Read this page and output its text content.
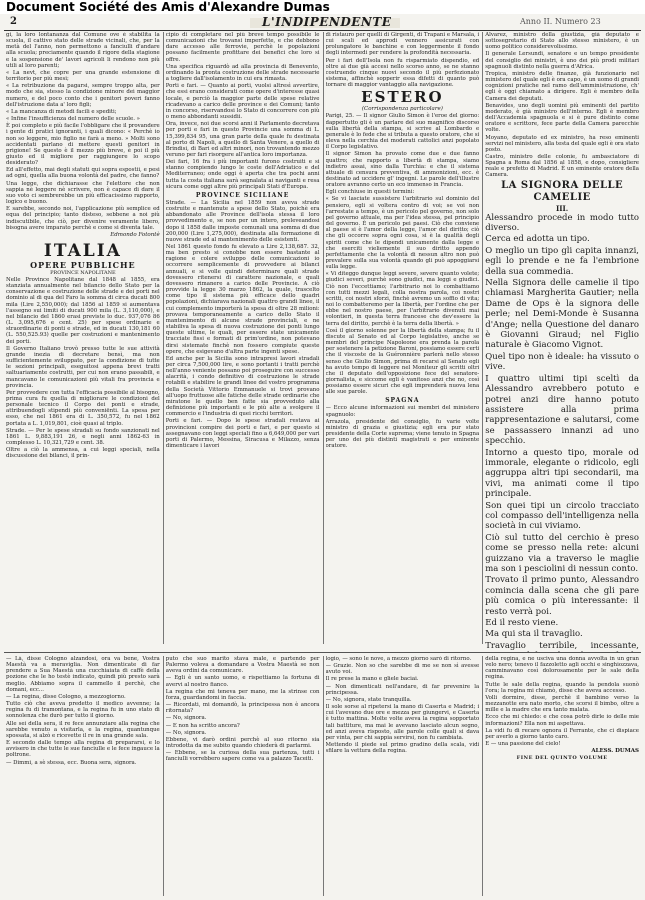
Document Société des Amis d'Alexandre Dumas
2	L'INDIPENDENTE	Anno II. Numero 23

gi, la loro lontananza dal Comune ove è stabilita la scuola, il cattivo stato delle strade vicinali, che, per la metà del l'anno, non permettono a fanciulli d'andare alla scuola; preciamente quando il rigore della stagione e la sospensione de' lavori agricoli li rendono non più utili al loro parenti;

« La nevt, che copre per una grande estensione di territorio per più mesi;

« La retribuzione da pagarsi, sempre troppo alta, per modo che sia, stesso la condizione minore dei maggior numero, e del poco conto che i genitori poveri fanno dell'istruzione data a' loro figli;

« La mancanza di metodi facili e spediti;

« Infine l'insufficienza del numero delle scuole. »

È poi completo e più facile l'obbligare che il provandere i gente di pratici ignoranti, i quali dicono: « Perchè io non so leggere, mio figlio ne farà a meno. » Molti sono accidentati parlano di mettere questi genitori in prigione! Se questo è il mezzo più breve, è poi il più giusto ed il migliore per raggiungere lo scopo desiderato?

Ed all'effetto, mai degli statuti qui sopra espostii, e pesi ad ogni, quella alla buona volontà del padre, che fanno?

Una legge, che dichiarasse che l'elettore che non sappia nè leggere nè scrivere, non è capace di dare il suo voto ci sembrerebbe un più efficacissimo rapporto, logico e buono.

E sarebbe, secondo noi, l'applicazione più semplice ed equa del principio; tanto disteso, sebbene a noi più indiscutibile, che ciò, per divenire veramente libero, bisogna avere imparato perchè e come si diventa tale.

Edmondo Fotontè

ITALIA
OPERE PUBBLICHE
PROVINCE NAPOLITANE

Nelle Province Napolitane dal 1848 al 1855, era stanziata annualmente nel bilancio dello Stato per la conservazione e costruzione delle strade e dei porti nel dominio al di qua del Faro la somma di circa ducati 800 mila (Lire 2,550,000); dal 1856 al 1859 si aumentava l'assegno sui limiti di ducati 900 mila (L. 3,110,000), e nel bilancio del 1860 erasi previste lo duc. 937,076 86 (L. 3,095,676 e cent. 25) per spese ordinarie e straordinarie di ponti e strade, ed in ducati 130,181 60 (L. 550,525.93) quelle per costruzioni e mantenimento dei porti.

Il Governo Italiano trovò presso tutte le sue attività grande inezia di decretare bensì, ma non sufficientemente sviluppato, per la condizione di tutte le sezioni principali, eseguitosi appena brevi tratti saltuariamente costrutti, per cui non erano passabili, e mancavano le comunicazioni più vitali fra provincia e provincia.

Per provvedere con tutta l'efficacia possibile al bisogno, prima cura fu quella di migliorare le condizioni del personale tecnico il Corpo dei ponti e strade, attribuendogli stipendi più conveniënti. La spesa per esso, che nel 1861 era di L. 350,572, fu nel 1862 portata a L. 1,019,801, cioè quasi al triplo.

Strade. — Per le spese stradali su fondo sanzionati nel 1861 L. 9,883,191 26, e negli anni 1862-63 in complesso L. 10,321,729 e cent. 38.

Oltre a ciò la ammensa, a cui leggi speciali, nella discussione dei bilanci, il prin-

cipio di completare nel più breve tempo possibile le comunicazioni che trovansi imperfette, e che debbono dare accesso alle ferrovie, perchè le popolazioni possano facilmente profittare dei benefici che loro si offre.

Una specifica riguardò ad alla provincia di Benevento, ordinando la pronta costruzione delle strade necessarie a togliere dall'isolamento in cui era rimasta.

Porti e fari. — Quanto ai porti, vuolsi altresì avvertire, che essi erano considerati come opere d'interesse quasi locale, e perciò la maggior parte delle spese relative ricadevano a carico delle province e dei Comuni; tanto in concorso, riservandosi lo Stato di concorrere con più o meno abbondanti sussidii.

Ora, invece, noi due scorsi anni il Parlamento decretava per porti e fari in questo Provincie una somma di L. 15,399,834 95, una gran parte della quale fu destinata al porto di Napoli, a quello di Santa Venere, a quello di Brindisi, di Bari ed altri minori, non trovantendo mezzo veruno per fari risorgere all'antica loro importanza.

Dei fari, 16 fra i più importanti furono costruiti e si stanno compiendo lungo le coste dell'Adriatico e del Mediterraneo; onde oggi è aperta che tra pochi anni tutta la costa italiana sarà segnalata ai naviganti e resa sicura come oggi altre più principali Stati d'Europa.

PROVINCE SICILIANE

Strade. — La Sicilia nel 1859 non aveva strade costruite e mantenute a spese dello Stato, poichè era abbandonato alle Province dell'isola stessa il loro provvedimento e, se non per un intero, preleveandosi dopo il 1858 dalle imposte comunali una somma di due 200,000 (Lire 1,275,000), destinata alla formazione di nuove strade ed al mantenimento delle esistenti.

Nel 1861 questo fondo fu elevato a Lire 2,138,687. 32, ma ben presto si conobbe non essere bastante al ragione e colere sviluppo delle comunicazioni io occorrere semplicemente di provvedere ai bilanci annuali, e si volle quindi determinare quali strade dovessero ritenersi di carattere nazionale, e quali dovessero rimanere a carico delle Provincie. A ciò provvide la legge 30 marzo 1862, la quale, trascelto come tipo il sistema più efficace dello quadri popolazioni, dichiarava nazionali quattro grandi linee, il cui complemento importerà la spesa di oltre 28 milioni: provava temporaneamente a carico dello Stato il mantenimento di alcune strade provinciali, e ne stabiliva la spesa di nuova costruzione dei ponti lungo queste ultime, le quali, per essere state unicamente tracciate fissi e formati di prim'ordine, non potevano dirsi sistemate finchè non fossero compiute queste opere, che esigevano d'altra parte ingenti spese.

Ed anche per la Sicilia sono intrapresi lavori stradali per circa 7,500,000 lire, e sono portanti i tratti perchè nell'anno veniente possano poi proseguire con successo alacrità, i condo definitivo di costruzione le strade rotabili e stabilire le grandi linee del vostro programma della Società Vittorio Emmanuele si trovi provano all'uopo fruttuose alle fatiche delle strade ordinarie che miratone le quello ben fatte sia provveduto alla definizione più importanti e le più alte a svolgere il commercio e l'industria di quei ricchi territori.

Porti e fari. — Dopo le spese stradali restava ai provincioni compire dei porti e fari, e per questo si assegnavano con leggi speciali fino a 6,649,000 per vari porti di Palermo, Messina, Siracusa e Milazzo, senza dimenticare i lavori

di ristauro per quelli di Girgenti, di Trapani e Marsala, i cui scali ed approdi vennero assicurati con prolungatore le banchine e con leggermente il fondo degli intermedi per rendere la profondità necessaria.

Per i fari dell'Isola non fu risparmiato dispendio, ed oltre ai due già accesi nello scorso anno, se ne stanno costruendo cinque nuovi secondo il più perfezionato sistema, affinchè sopperir essa difetti di quanto può tornare di maggior vantaggio alla navigazione.

ESTERO
(Corrispondenza particolare)

Parigi, 25. — Il signor Giulio Simon è l'eroe del giorno: dappertutto gli è un parlare del suo magnifico discorso sulla libertà della stampa, si scrive al Lombardo e generale è lo fede che si tributa a questo oratore, che si eleva nella cerchia dei moderati cattolici anzi popolato il Corpo legislativo.

Il signor Simon ha provato come due e due fanno quattro; che rapporto a libertà di stampa, siamo indietro assai, sino dalla Turchia: e che il sistema attuale di censura preventiva, di ammonizioni, ecc. è destinato ad uccidere gl' ingegni. Le parole dell'illustre oratore avranno certo un eco immenso in Francia.

Egli conchiuse in questi termini:

« Se vi lasciate sussistere l'arbitrario sul dominio del pensiero, egli si voltera contro di voi; se voi non l'arrestate a tempo, è un pericolo pel governo, non solo pel governo attuale, ma per l'idea stessa, pel principio del governo. È un pericolo pei paesi. Ciò che conviene al paese si è l'amor della legge, l'amor del diritto; ciò che gli occorre sopra ogni cosa, si è la qualità degli spiriti come che le dipendi unicamente dalla legge e che eserciti vieliemente il suo diritto appendo perfettamente che la volontà di nessun altro non può prevalere sulla sua volontà quando gli può appoggiarsi sulla legge.

« Vi diteggo dunque leggi severe, severe quanto volete; giudici severi, purchè sono giudici, ma leggi e giudici. Ciò non l'eccettiamo; l'arbitrario noi lo combattiamo con tutti mezzi legali, colla nostra parola, coi nostri scritti, coi nostri sforzi, finchè avremo un soffio di vita; noi lo combatteremo per la libertà, per l'ordine che per ebbe nel nostro paese, per l'arbitrario divenuti mai volontieri, in questa terra francese che dev'essere la terra del diritto, perchè è la terra della libertà. »

Così il giorno solenne per la libertà della stampa; fu il discute al Senato ed al Corpo legislativo, anche se membri del principe Napoleone era prenda la parola per sostenere la petizione Baroni, possiamo essere certi che il viscoste de la Guéronnière parlerà nello stesso senso che Giulio Simon, prima di recarsi al Senato egli ha avuto tempo di leggere nel Moniteur gli scritti oltri che il deputato dell'opposizione fece del senatore-giornalista, e siccome egli è vanitoso anzi che no, così possiamo essere sicuri che egli imprenderà nuova lena alle sue parole.

SPAGNA

— Ecco alcune informazioni sui membri del ministero spagnuolo:

Arrazola, presidente del consiglio, fu varie volte ministro di grazia e giustizia; egli era pur stato presidente della Corte suprema; viene tenuto in Spagna per uno dei più distinti magistrati e per eminente oratore.

— Là, disse Cologno alzandosi, ora va bene, Vostra Maestà va a meraviglia. Non dimenticate di far prendere a Sua Maestà una cucchiaiata di caffè della pozione che le ho testè indicato, quindi più presto sarà meglio. Abbiamo sopra il cammello il perchè, che domani, ecc...

— La regina, disse Cologno, a mezzogiorno.

Tutto ciò che aveva predetto il medico avvenne; la regina fu di tramontana, e la regina fu in uno stato di sonnolenza che durò per tutto il giorno.

Alle sei della sera, il re fece annunziare alla regina che sarebbe venuto a visitarla, e la regina, quantunque spossata, si alzò e ricevette il re in una grande sala.

E secondo dalle tempo alla regina di prepararsi, e lo avvisero in che tutte le sue fanciulle e le fece ingauce la poltrone.

— Dimmi, a sè stessa, ecc. Buona sera, signora.

puto che suo marito stava male, e partendo per Palermo voleva a domandare a Vostra Maestà se non aveva ordini da comunicare.

— Egli è un santo uomo, e rispettiamo la fortuna di avervi al nostro fianco.

La regina che mi teneva per mano, me la strinse con forza, guardandomi in faccia.

— Ricordati, mi domandò, la principessa non è ancora ritornata?

— No, signora.

— E non ha scritto ancora?

— No, signora.

Ebbene, vi darò ordini perchè al suo ritorno sia introdotta da me subito quando chiederà di parlarmi.

— Ebbene, se la curiosa della sua partenza, tutti i fanciulli vorrebbero sapere come va a palazzo Taceiti.

logio, — sono le nove, a mezzo giorno sarò di ritorno.

— Grazie. Non so che sarebbe di me se non sì avesse avuto voi.

Il re prese la mano e gliele baciai.

— Non dimenticati nell'andare, di far prevenire la principessa.

— No, signora, state tranquilla.

Il sole sorse al ripetersi la mano di Caserta e Madrid; i cui l'avevano due ore e mezza per giungervi, e Caserta è tutto mattina. Molte volte aveva la regina sopportato tali battiture, ma mai le avevano lasciato alcun segno, ed anzi aveva risposto, alle parole colle quali si dava per vinta, per chi sappia servirsi, non fu cambiata.

Mettendo il piede sul primo gradino della scala, vidi sfilare la vettura della regina.

Alvarez, ministro della giustizia, già deputato e sottosegretario di Stato allo stesso ministero, è un uomo politico considerevolissimo.

Il generale Lersundi, senatore e un tempo presidente del consiglio dei ministri, è uno dei più prodi militari spagnuoli distinto nella guerra d'Africa.

Tropica, ministro delle finanze, già funzionario nel ministero del quale egli è ora capo, è un uomo di grandi cognizioni pratiche nel ramo dell'amministrazione, ch' egli è oggi chiamato a dirigere. Egli è membro della Camera dei deputati.

Benavides, uno degli uomini più eminenti del partito moderato, è già ministro dell'interno. Egli è membro dell'Accademia spagnuola e si è pure distinto come oratore e scrittore, fece parte della Camera parecchie volte.

Moyano, deputato ed ex ministro, ha reso eminenti servizi nel ministero, alla testa del quale egli è ora stato posto.

Castro, ministro delle colonie, fu ambasciatore di Spagna a Roma dal 1856 al 1858, e dopo, consigliere reale e prefetto di Madrid. È un eminente oratore della Camera.

LA SIGNORA DELLE CAMELIE
III.

Alessandro procede in modo tutto diverso.

Cerca ed adotta un tipo.

O meglio un tipo gli capita innanzi, egli lo prende e ne fa l'embrione della sua commedia.

Nella Signora delle camelie il tipo chiamasi Margherita Gautier; nella Dame de Ops è la signora delle perle; nel Demi-Monde è Susanna d'Ange; nella Questione del danaro è Giovanni Giraud; nel Figlio naturale è Giacomo Vignot.

Quel tipo non è ideale: ha vissuto o vive.

I quattro ultimi tipi sceltì da Alessandro avrebbero potuto e potrei anzi dire hanno potuto assistere alla prima rappresentazione e salutarsi, come se passassero innanzi ad uno specchio.

Intorno a questo tipo, morale od immorale, elegante o ridicolo, egli aggruppa altri tipi secondarii, ma vivi, ma animati come il tipo principale.

Son quei tipi un circolo tracciato col compasso dell'intelligenza nella società in cui viviamo.

Ciò sul tutto del cerchio è preso come se presso nella rete: alcuni guizzano via a traverso le maglie ma son i pesciolini di nessun conto.

Trovato il primo punto, Alessandro comincia dalla scena che gli pare più comica o più interessante: il resto verrà poi.

Ed il resto viene.

Ma qui sta il travaglio.

Travaglio terribile, incessante,

della regina, e ne usciva una donna avvolta in un gran velo nero; tenevo il fazzoletto agli occhi e singhiozzava, camminavano così dolorosamente per le sale della regina.

Tutte le sale della regina, quando la pendola suonò l'ora; la regina mi chiamò, disse che aveva accesso.

Volli dormire, disse, perchè il bambino verso la mezzanotte era nato morto, che scorsi il bimbo, oltre a mille e la madre che era tanto malata.

Ecco che mi chiedo: e che cosa potrò dirle io delle mie informazioni? Ella non mi aspettava.

La vidi fu di recare ognora il Ferrante, che ci dispiace per averlo a giorno tanto caro.

E — una passione del cielo!

ALESS. DUMAS

FINE DEL QUINTO VOLUME
